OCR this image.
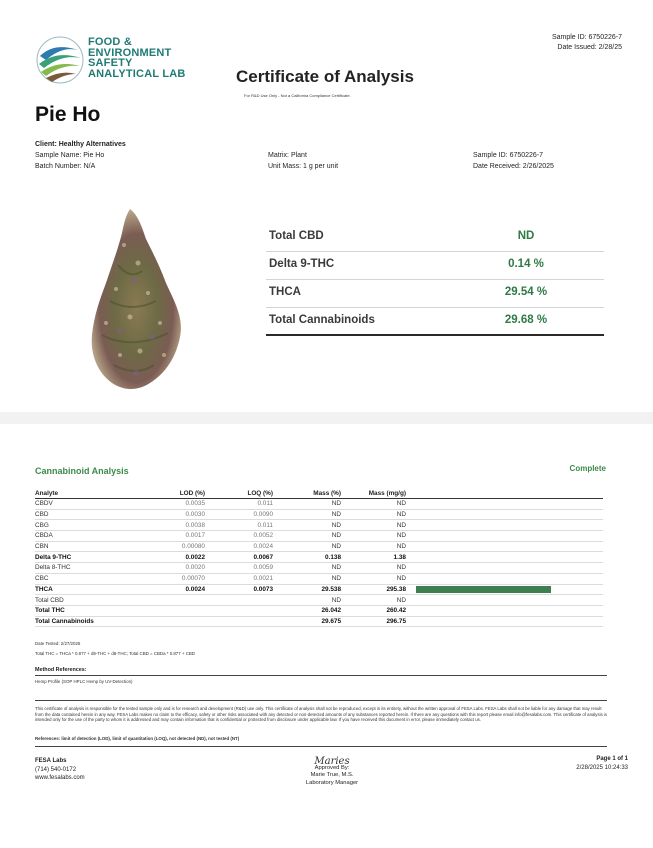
FOOD &
ENVIRONMENT
SAFETY
ANALYTICAL LAB
Sample ID: 6750226-7
Date Issued: 2/28/25
Certificate of Analysis
For R&D Use Only - Not a California Compliance Certificate.
Pie Ho
Client: Healthy Alternatives
Sample Name: Pie Ho
Batch Number: N/A
Matrix: Plant
Unit Mass: 1 g per unit
Sample ID: 6750226-7
Date Received: 2/26/2025
Total CBD	ND
Delta 9-THC	0.14 %
THCA	29.54 %
Total Cannabinoids	29.68 %
Cannabinoid Analysis	Complete
Analyte	LOD (%)	LOQ (%)	Mass (%)	Mass (mg/g)	
CBDV	0.0035	0.011	ND	ND	
CBD	0.0030	0.0090	ND	ND	
CBG	0.0038	0.011	ND	ND	
CBDA	0.0017	0.0052	ND	ND	
CBN	0.00080	0.0024	ND	ND	
Delta 9-THC	0.0022	0.0067	0.138	1.38	
Delta 8-THC	0.0020	0.0059	ND	ND	
CBC	0.00070	0.0021	ND	ND	
THCA	0.0024	0.0073	29.538	295.38	

Total CBD			ND	ND	
Total THC			26.042	260.42	
Total Cannabinoids			29.675	296.75	
Date Tested: 2/27/2025
Total THC = THCa * 0.877 + d9-THC + d8-THC; Total CBD = CBDa * 0.877 + CBD
Method References:
Hemp Profile (SOP HPLC Hemp by UV-Detection)
This certificate of analysis is responsible for the tested sample only and is for research and development (R&D) use only. This certificate of analysis shall not be reproduced, except in its entirety, without the written approval of FESA Labs. FESA Labs shall not be liable for any damage that may result from the data contained herein in any way. FESA Labs makes no claim to the efficacy, safety or other risks associated with any detected or non-detected amounts of any substances reported herein. If there are any questions with this report please email info@fesalabs.com. This certificate of analysis is intended only for the use of the party to whom it is addressed and may contain information that is confidential or protected from disclosure under applicable law. If you have received this document in error, please immediately contact us.
References: limit of detection (LOD), limit of quantitation (LOQ), not detected (ND), not tested (NT)
FESA Labs
(714) 540-0172
www.fesalabs.com
Maries
Approved By:
Marie True, M.S.
Laboratory Manager
Page 1 of 1
2/28/2025 10:24:33
